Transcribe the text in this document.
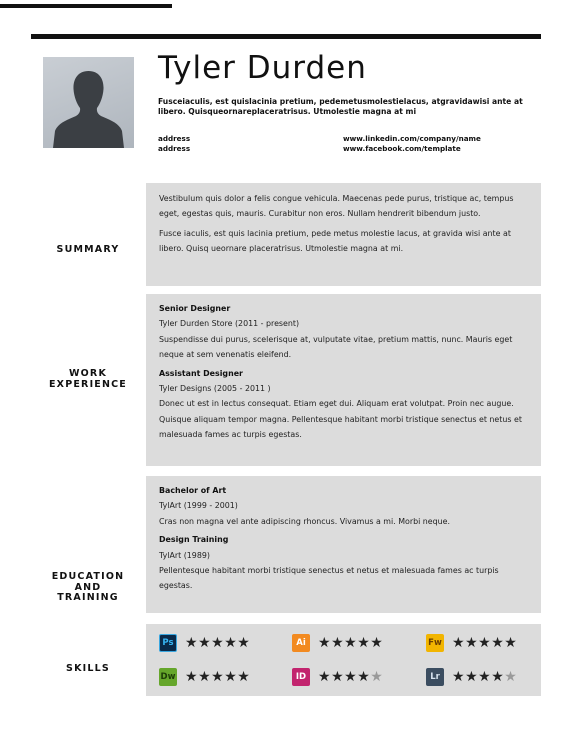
Tyler Durden
Fusceiaculis, est quislacinia pretium, pedemetusmolestielacus, atgravidawisi ante at libero. Quisqueornareplaceratrisus. Utmolestie magna at mi
address
address
www.linkedin.com/company/name
www.facebook.com/template
SUMMARY

Vestibulum quis dolor a felis congue vehicula. Maecenas pede purus, tristique ac, tempus eget, egestas quis, mauris. Curabitur non eros. Nullam hendrerit bibendum justo.

Fusce iaculis, est quis lacinia pretium, pede metus molestie lacus, at gravida wisi ante at libero. Quisq ueornare placeratrisus. Utmolestie magna at mi.

WORK
EXPERIENCE

Senior Designer

Tyler Durden Store (2011 - present)

Suspendisse dui purus, scelerisque at, vulputate vitae, pretium mattis, nunc. Mauris eget neque at sem venenatis eleifend.

Assistant Designer

Tyler Designs (2005 - 2011 )

Donec ut est in lectus consequat. Etiam eget dui. Aliquam erat volutpat. Proin nec augue. Quisque aliquam tempor magna. Pellentesque habitant morbi tristique senectus et netus et malesuada fames ac turpis egestas.

EDUCATION
AND
TRAINING

Bachelor of Art

TylArt (1999 - 2001)

Cras non magna vel ante adipiscing rhoncus. Vivamus a mi. Morbi neque.

Design Training

TylArt (1989)

Pellentesque habitant morbi tristique senectus et netus et malesuada fames ac turpis egestas.

SKILLS
Ps ★★★★★	Ai ★★★★★	Fw ★★★★★
Dw ★★★★★	ID ★★★★★	Lr ★★★★★
